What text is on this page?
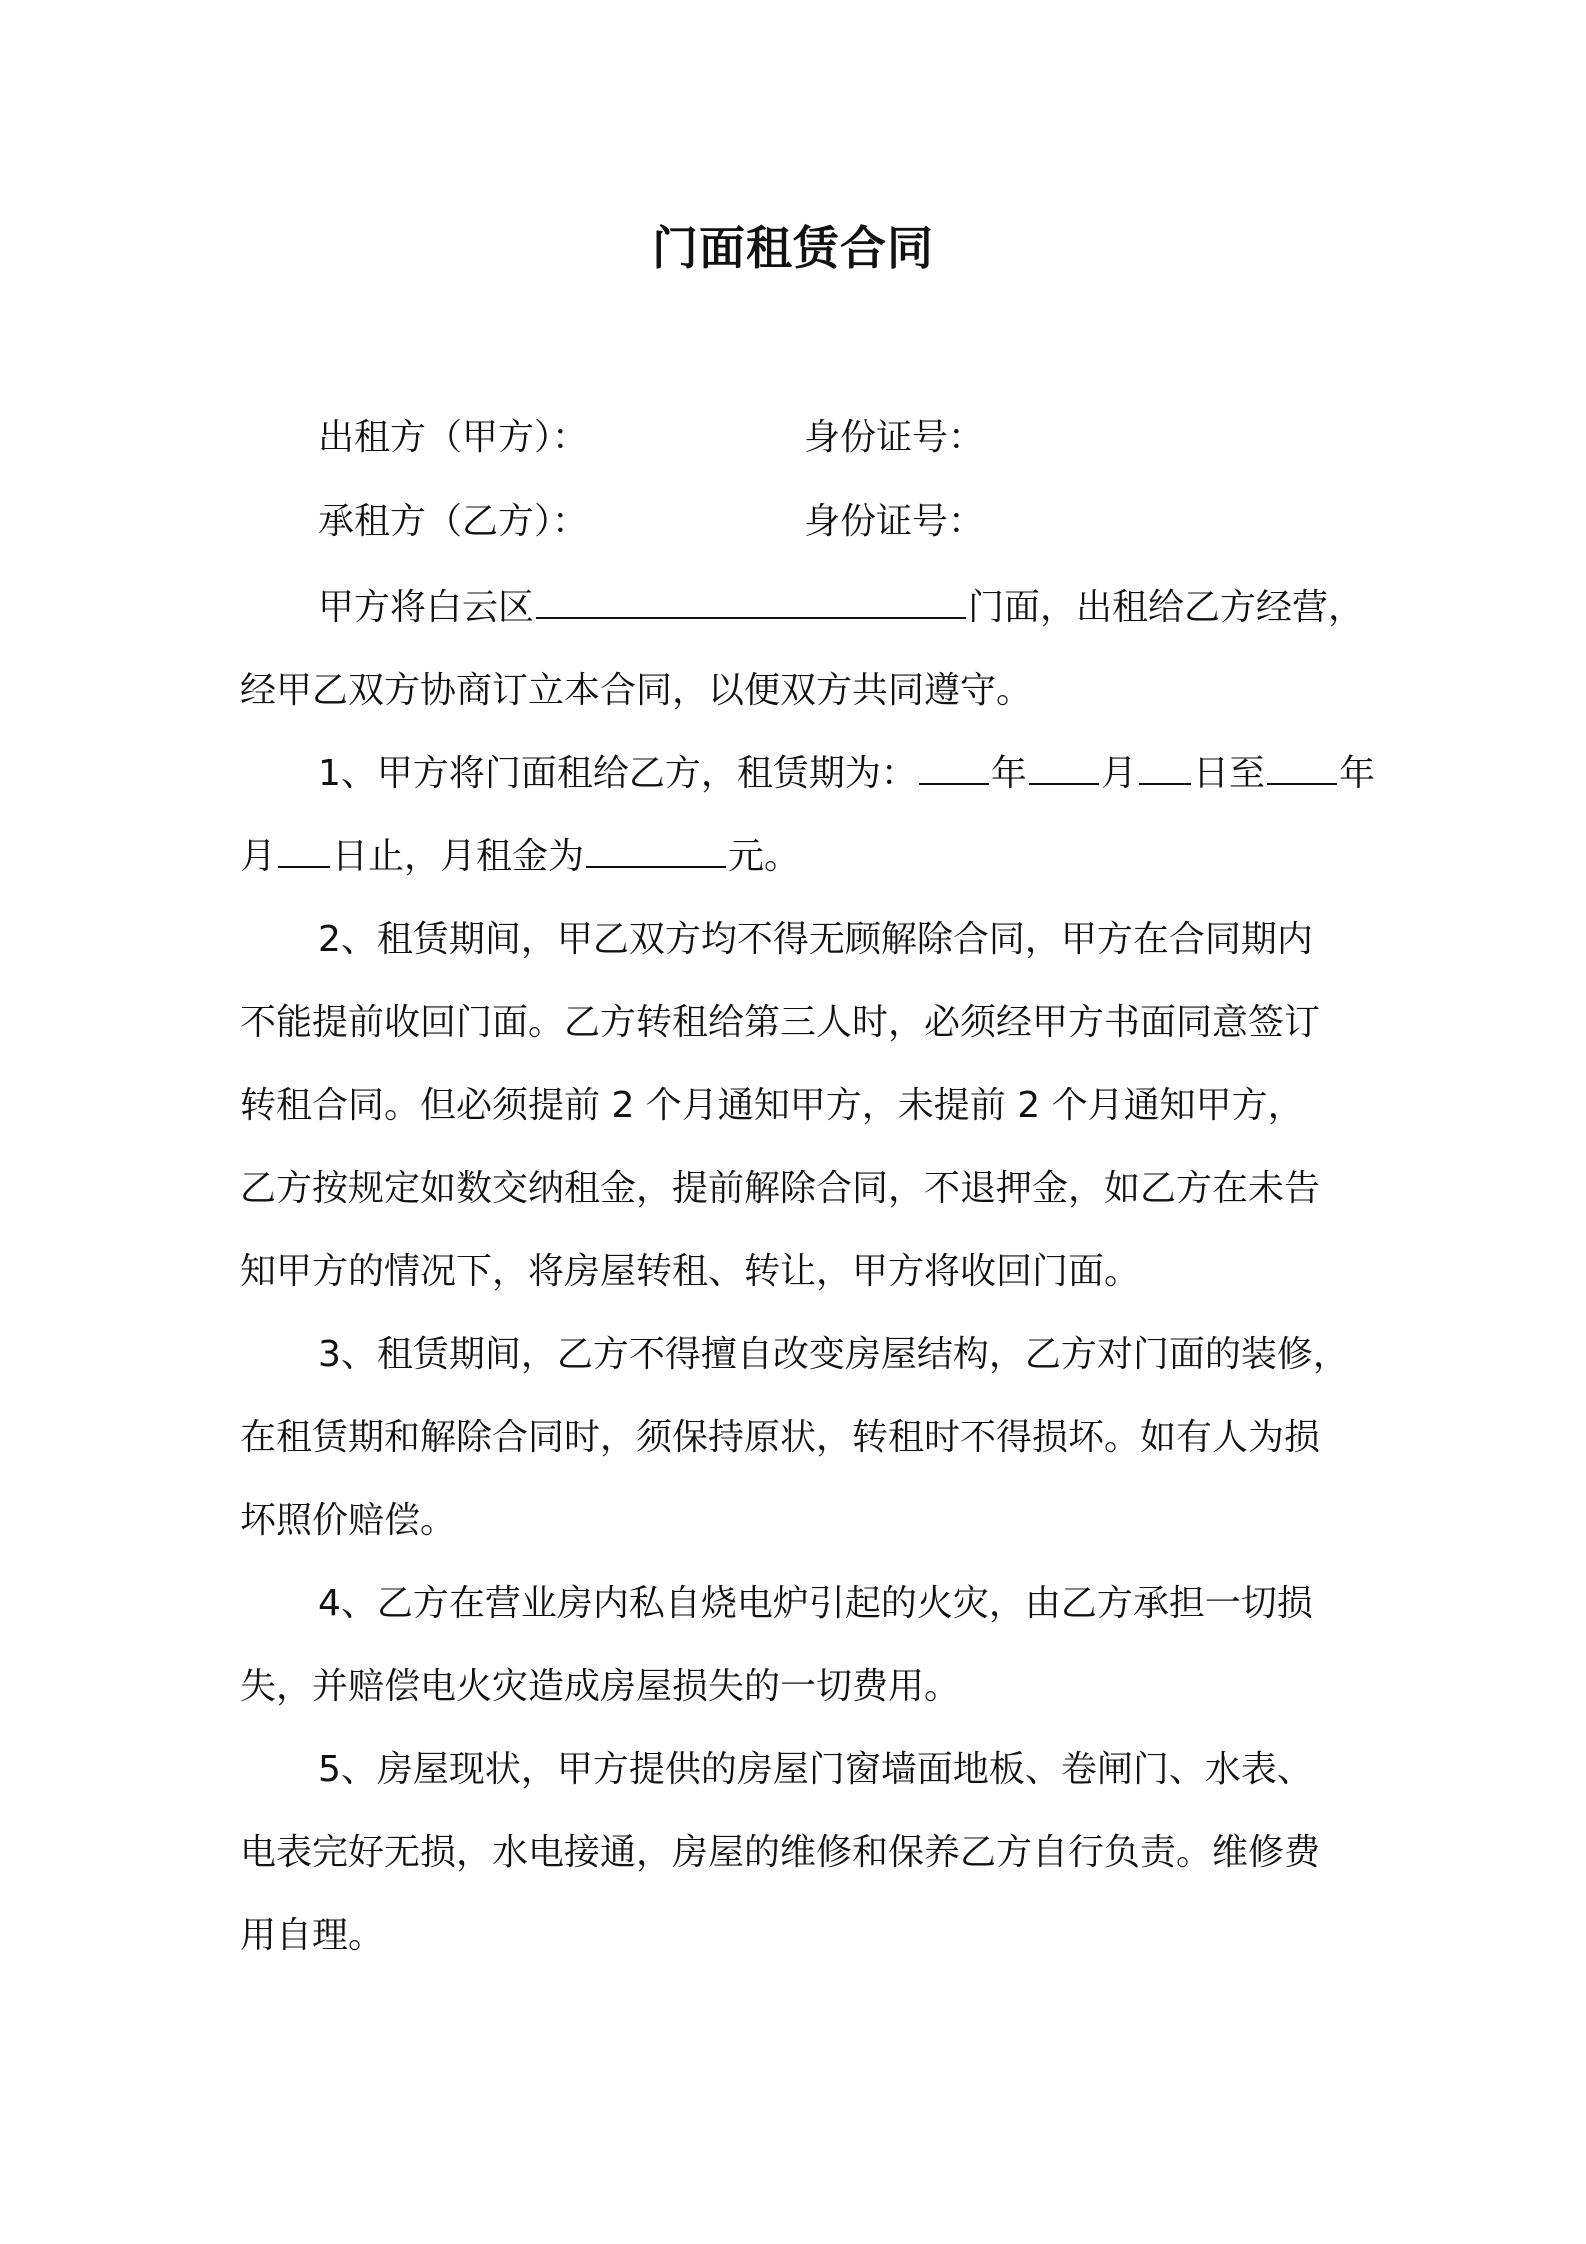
门面租赁合同
出租方（甲方）：	身份证号：
承租方（乙方）：	身份证号：
甲方将白云区	门面，出租给乙方经营，
经甲乙双方协商订立本合同，以便双方共同遵守。
1、甲方将门面租给乙方，租赁期为： 年 月 日至 年
月 日止，月租金为	元。
2、租赁期间，甲乙双方均不得无顾解除合同，甲方在合同期内
不能提前收回门面。乙方转租给第三人时，必须经甲方书面同意签订
转租合同。但必须提前 2 个月通知甲方，未提前 2 个月通知甲方，
乙方按规定如数交纳租金，提前解除合同，不退押金，如乙方在未告
知甲方的情况下，将房屋转租、转让，甲方将收回门面。
3、租赁期间，乙方不得擅自改变房屋结构，乙方对门面的装修，
在租赁期和解除合同时，须保持原状，转租时不得损坏。如有人为损
坏照价赔偿。
4、乙方在营业房内私自烧电炉引起的火灾，由乙方承担一切损
失，并赔偿电火灾造成房屋损失的一切费用。
5、房屋现状，甲方提供的房屋门窗墙面地板、卷闸门、水表、
电表完好无损，水电接通，房屋的维修和保养乙方自行负责。维修费
用自理。
